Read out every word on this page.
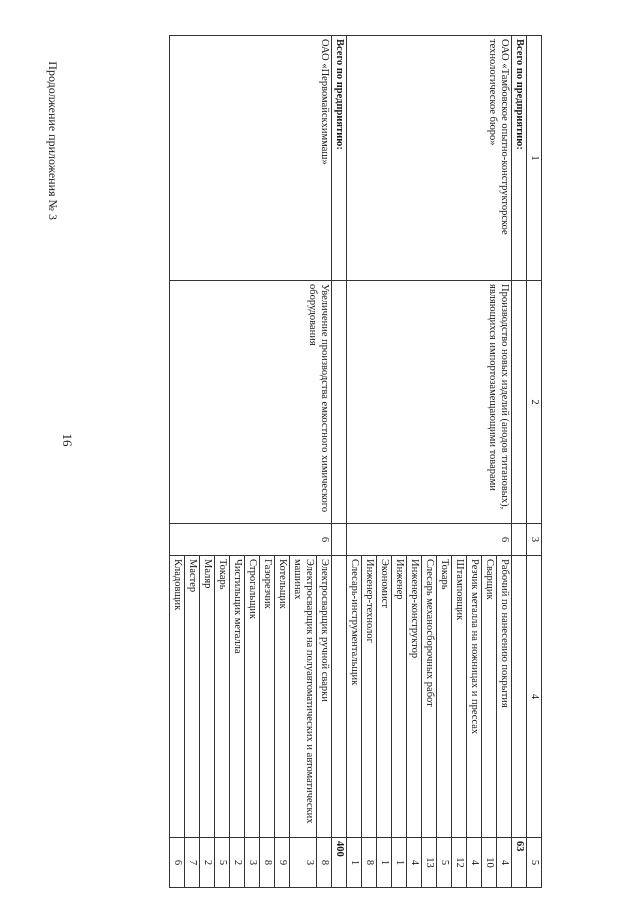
16
Продолжение приложения № 3	1	2	3	4	5
Всего по предприятию:				63
ОАО «Тамбовское опытно-конструкторское технологическое бюро»	Производство новых изделий (анодов титановых), являющихся импортозамещающими товарами	6	Рабочий по нанесению покрытия	4
			Сварщик	10
			Резчик металла на ножницах и прессах	4
			Штамповщик	12
			Токарь	5
			Слесарь механосборочных работ	13
			Инженер-конструктор	4
			Инженер	1
			Экономист	1
			Инженер-технолог	8
			Слесарь-инструментальщик	1
Всего по предприятию:				400
ОАО «Первомайскхиммаш»	Увеличение производства емкостного химического оборудования	6	Электросварщик ручной сварки	8
			Электросварщик на полуавтоматических и автоматических машинах	3
			Котельщик	9
			Газорезчик	8
			Строгальщик	3
			Чистильщик металла	2
			Токарь	5
			Маляр	2
			Мастер	7
			Кладовщик	6
